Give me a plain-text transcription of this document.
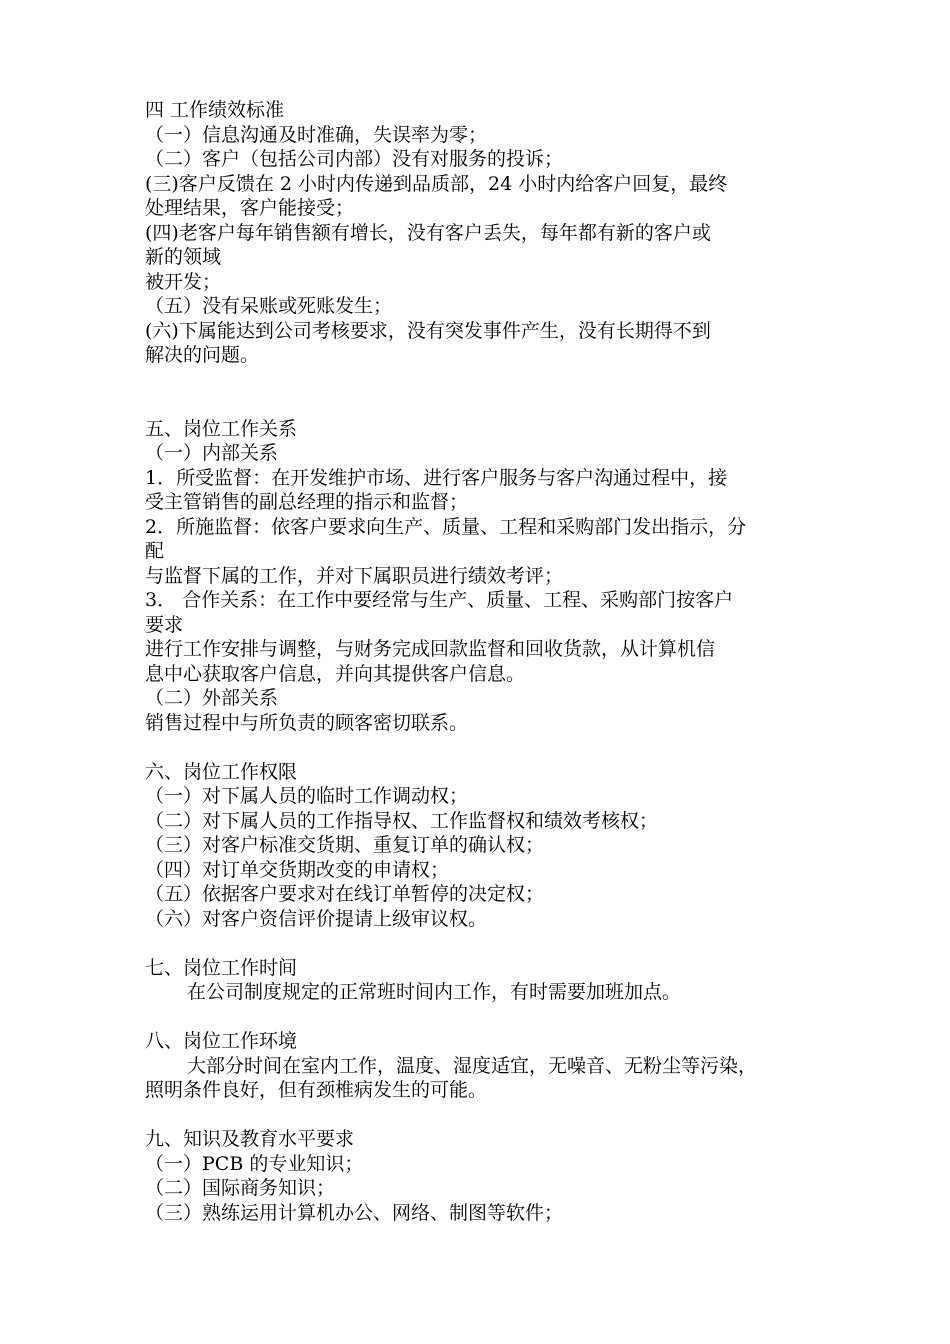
四 工作绩效标准
（一）信息沟通及时准确，失误率为零；
（二）客户（包括公司内部）没有对服务的投诉；
(三)客户反馈在 2 小时内传递到品质部，24 小时内给客户回复，最终
处理结果，客户能接受；
(四)老客户每年销售额有增长，没有客户丢失，每年都有新的客户或
新的领域
被开发；
（五）没有呆账或死账发生；
(六)下属能达到公司考核要求，没有突发事件产生，没有长期得不到
解决的问题。
五、岗位工作关系
（一）内部关系
1．所受监督：在开发维护市场、进行客户服务与客户沟通过程中，接
受主管销售的副总经理的指示和监督；
2．所施监督：依客户要求向生产、质量、工程和采购部门发出指示，分
配
与监督下属的工作，并对下属职员进行绩效考评；
3． 合作关系：在工作中要经常与生产、质量、工程、采购部门按客户
要求
进行工作安排与调整，与财务完成回款监督和回收货款，从计算机信
息中心获取客户信息，并向其提供客户信息。
（二）外部关系
销售过程中与所负责的顾客密切联系。
六、岗位工作权限
（一）对下属人员的临时工作调动权；
（二）对下属人员的工作指导权、工作监督权和绩效考核权；
（三）对客户标准交货期、重复订单的确认权；
（四）对订单交货期改变的申请权；
（五）依据客户要求对在线订单暂停的决定权；
（六）对客户资信评价提请上级审议权。
七、岗位工作时间
在公司制度规定的正常班时间内工作，有时需要加班加点。
八、岗位工作环境
大部分时间在室内工作，温度、湿度适宜，无噪音、无粉尘等污染，
照明条件良好，但有颈椎病发生的可能。
九、知识及教育水平要求
（一）PCB 的专业知识；
（二）国际商务知识；
（三）熟练运用计算机办公、网络、制图等软件；
